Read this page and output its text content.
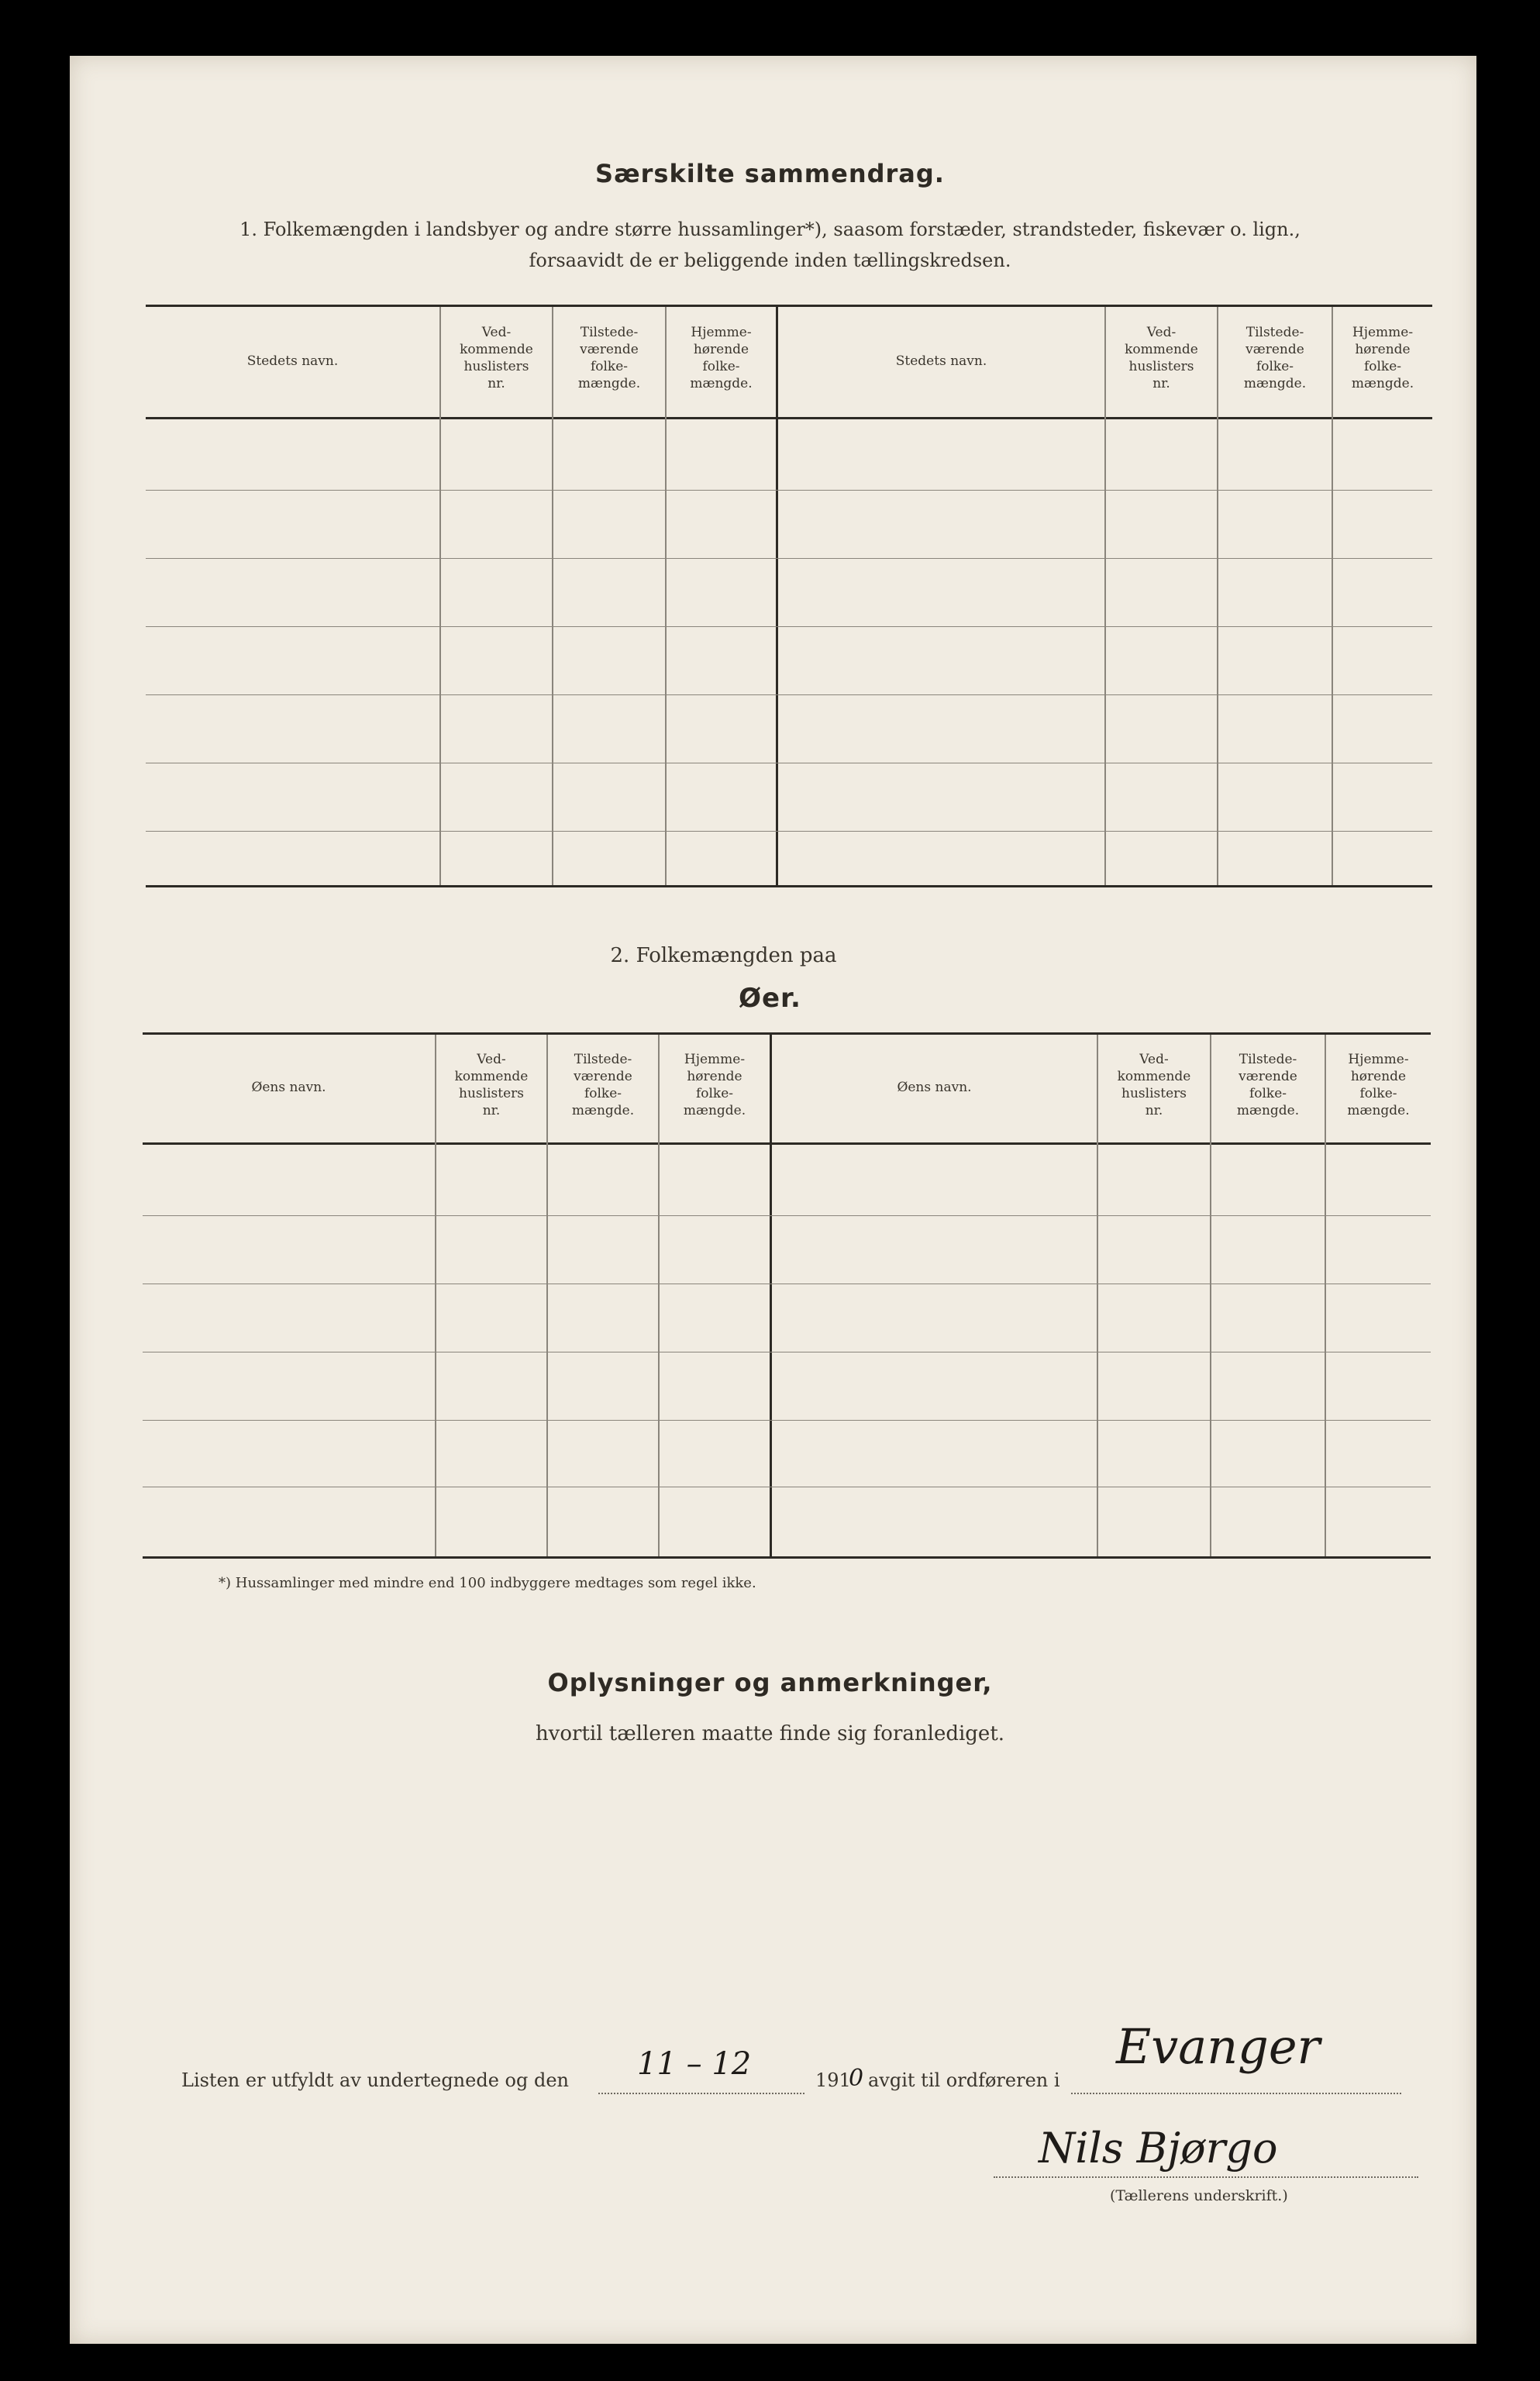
Særskilte sammendrag.
1. Folkemængden i landsbyer og andre større hussamlinger*), saasom forstæder, strandsteder, fiskevær o. lign.,
forsaavidt de er beliggende inden tællingskredsen.
Stedets navn.
Ved-
kommende
huslisters
nr.
Tilstede-
værende
folke-
mængde.
Hjemme-
hørende
folke-
mængde.
Stedets navn.
Ved-
kommende
huslisters
nr.
Tilstede-
værende
folke-
mængde.
Hjemme-
hørende
folke-
mængde.
2. Folkemængden paa
Øer.
Øens navn.
Ved-
kommende
huslisters
nr.
Tilstede-
værende
folke-
mængde.
Hjemme-
hørende
folke-
mængde.
Øens navn.
Ved-
kommende
huslisters
nr.
Tilstede-
værende
folke-
mængde.
Hjemme-
hørende
folke-
mængde.
*) Hussamlinger med mindre end 100 indbyggere medtages som regel ikke.
Oplysninger og anmerkninger,
hvortil tælleren maatte finde sig foranlediget.
Listen er utfyldt av undertegnede og den 11 – 12	191
0 avgit til ordføreren i
Evanger
Nils Bjørgo
(Tællerens underskrift.)
